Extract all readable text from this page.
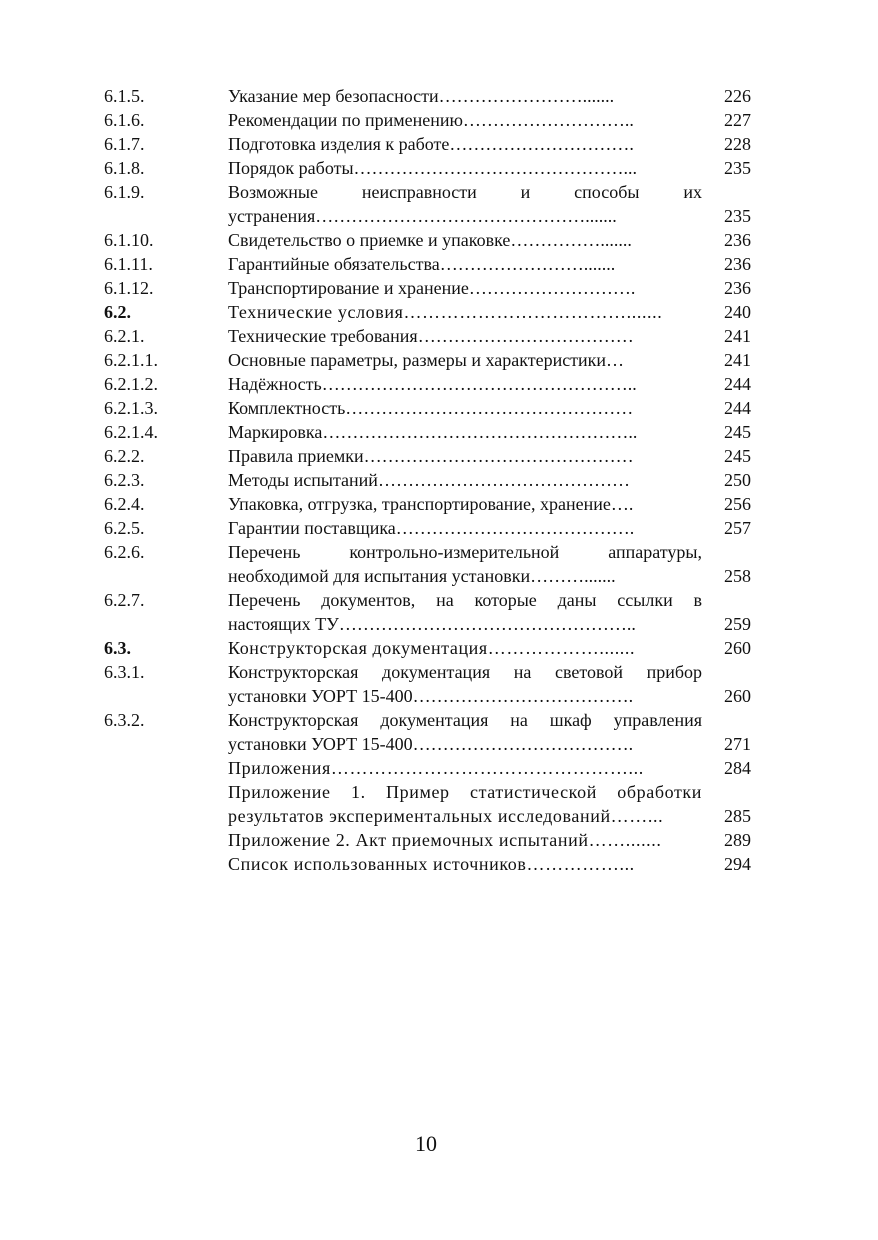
6.1.5.	Указание мер безопасности…………………….......	226
6.1.6.	Рекомендации по применению………………………..	227
6.1.7.	Подготовка изделия к работе………………………….	228
6.1.8.	Порядок работы………………………………………...	235
6.1.9.	Возможные неисправности и способы их
устранения……………………………………….......	235
6.1.10.	Свидетельство о приемке и упаковке…………….......	236
6.1.11.	Гарантийные обязательства…………………….......	236
6.1.12.	Транспортирование и хранение……………………….	236
6.2.	Технические условия……………………………….......	240
6.2.1.	Технические требования………………………………	241
6.2.1.1.	Основные параметры, размеры и характеристики…	241
6.2.1.2.	Надёжность……………………………………………..	244
6.2.1.3.	Комплектность…………………………………………	244
6.2.1.4.	Маркировка……………………………………………..	245
6.2.2.	Правила приемки………………………………………	245
6.2.3.	Методы испытаний……………………………………	250
6.2.4.	Упаковка, отгрузка, транспортирование, хранение….	256
6.2.5.	Гарантии поставщика………………………………….	257
6.2.6.	Перечень контрольно-измерительной аппаратуры,
необходимой для испытания установки……….......	258
6.2.7.	Перечень документов, на которые даны ссылки в
настоящих ТУ…………………………………………..	259
6.3.	Конструкторская документация……………….......	260
6.3.1.	Конструкторская документация на световой прибор
установки УОРТ 15-400……………………………….	260
6.3.2.	Конструкторская документация на шкаф управления
установки УОРТ 15-400……………………………….	271
Приложения…………………………………………...	284
Приложение 1. Пример статистической обработки
результатов экспериментальных исследований……...	285
Приложение 2. Акт приемочных испытаний…….......	289
Список использованных источников……………...	294
10
